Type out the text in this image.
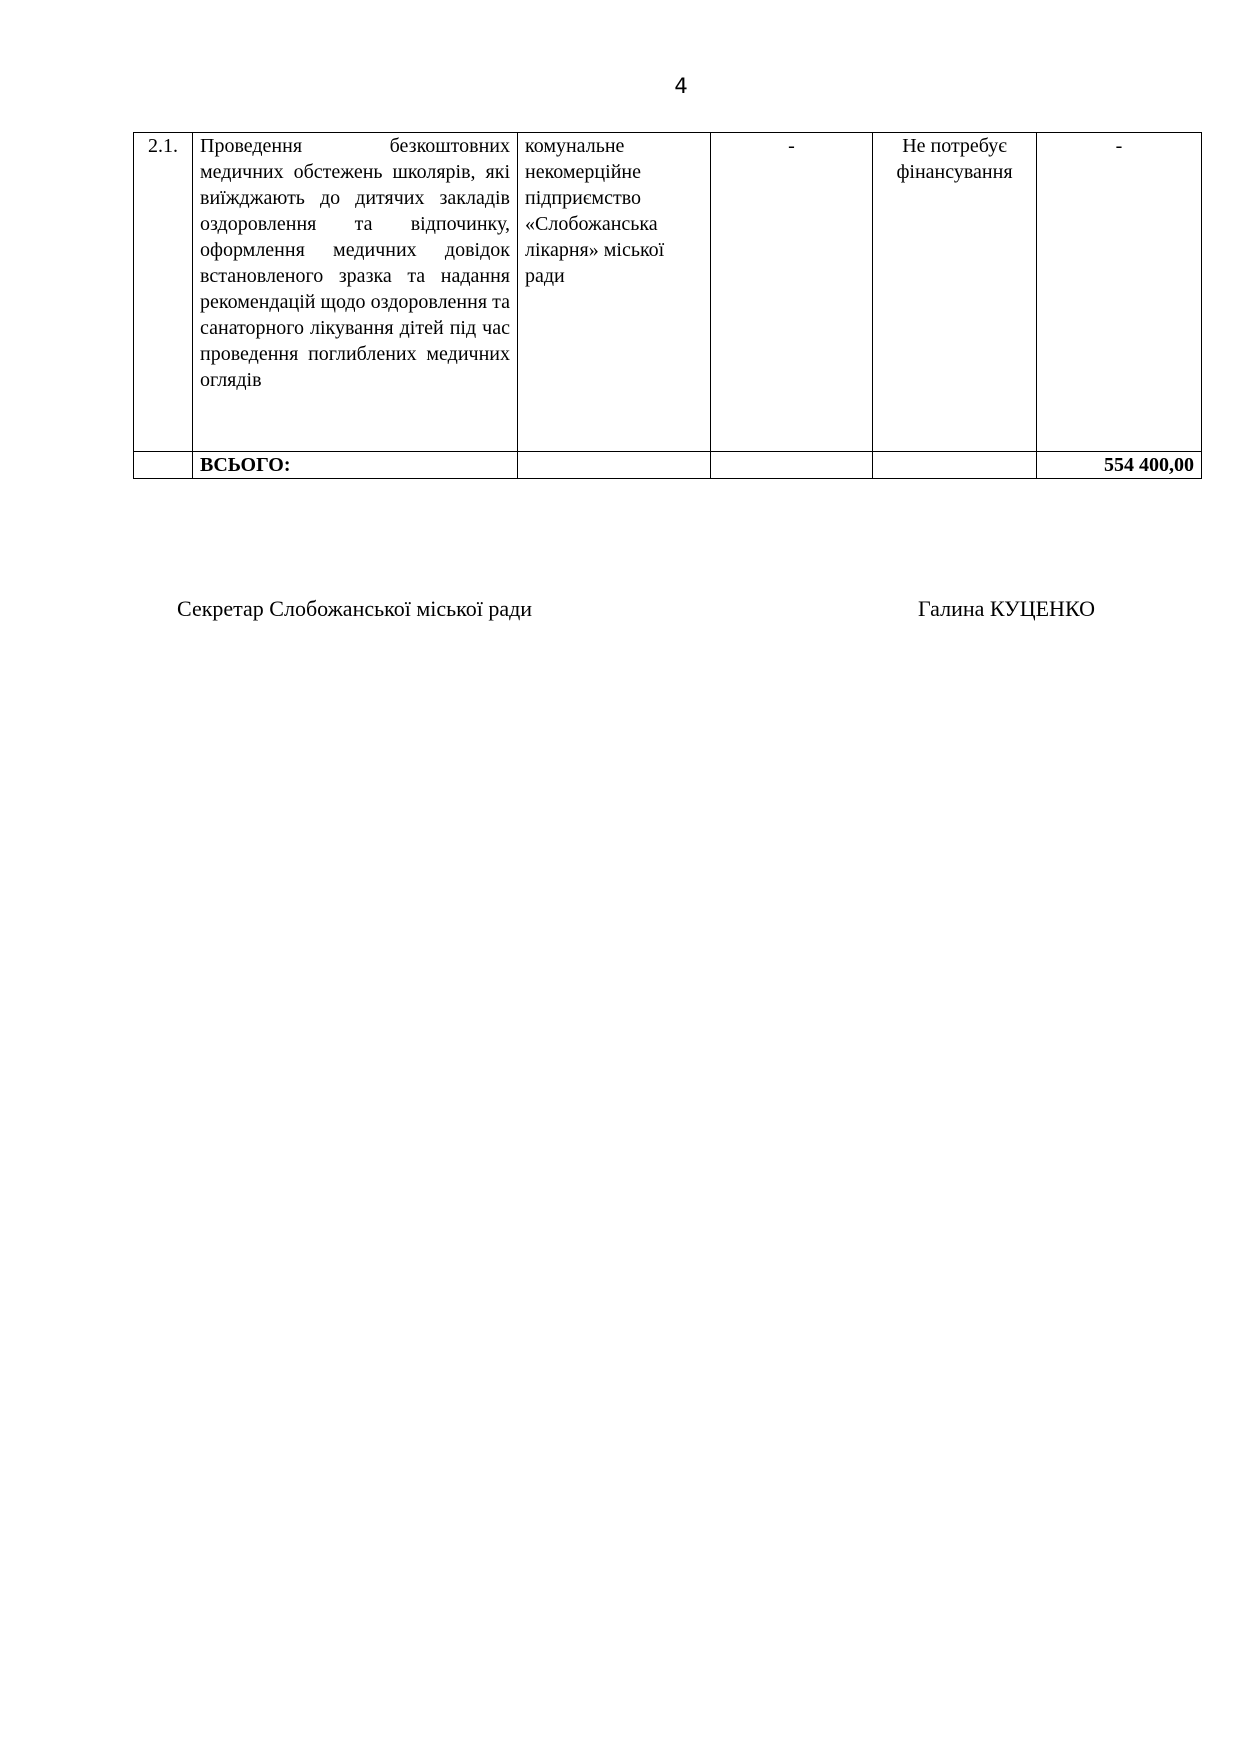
4
2.1.	Проведення безкоштовних медичних обстежень школярів, які виїжджають до дитячих закладів оздоровлення та відпочинку, оформлення медичних довідок встановленого зразка та надання рекомендацій щодо оздоровлення та санаторного лікування дітей під час проведення поглиблених медичних оглядів	комунальне некомерційне підприємство «Слобожанська лікарня» міської ради	-	Не потребує фінансування	-
	ВСЬОГО:				554 400,00
Секретар Слобожанської міської ради	Галина КУЦЕНКО
